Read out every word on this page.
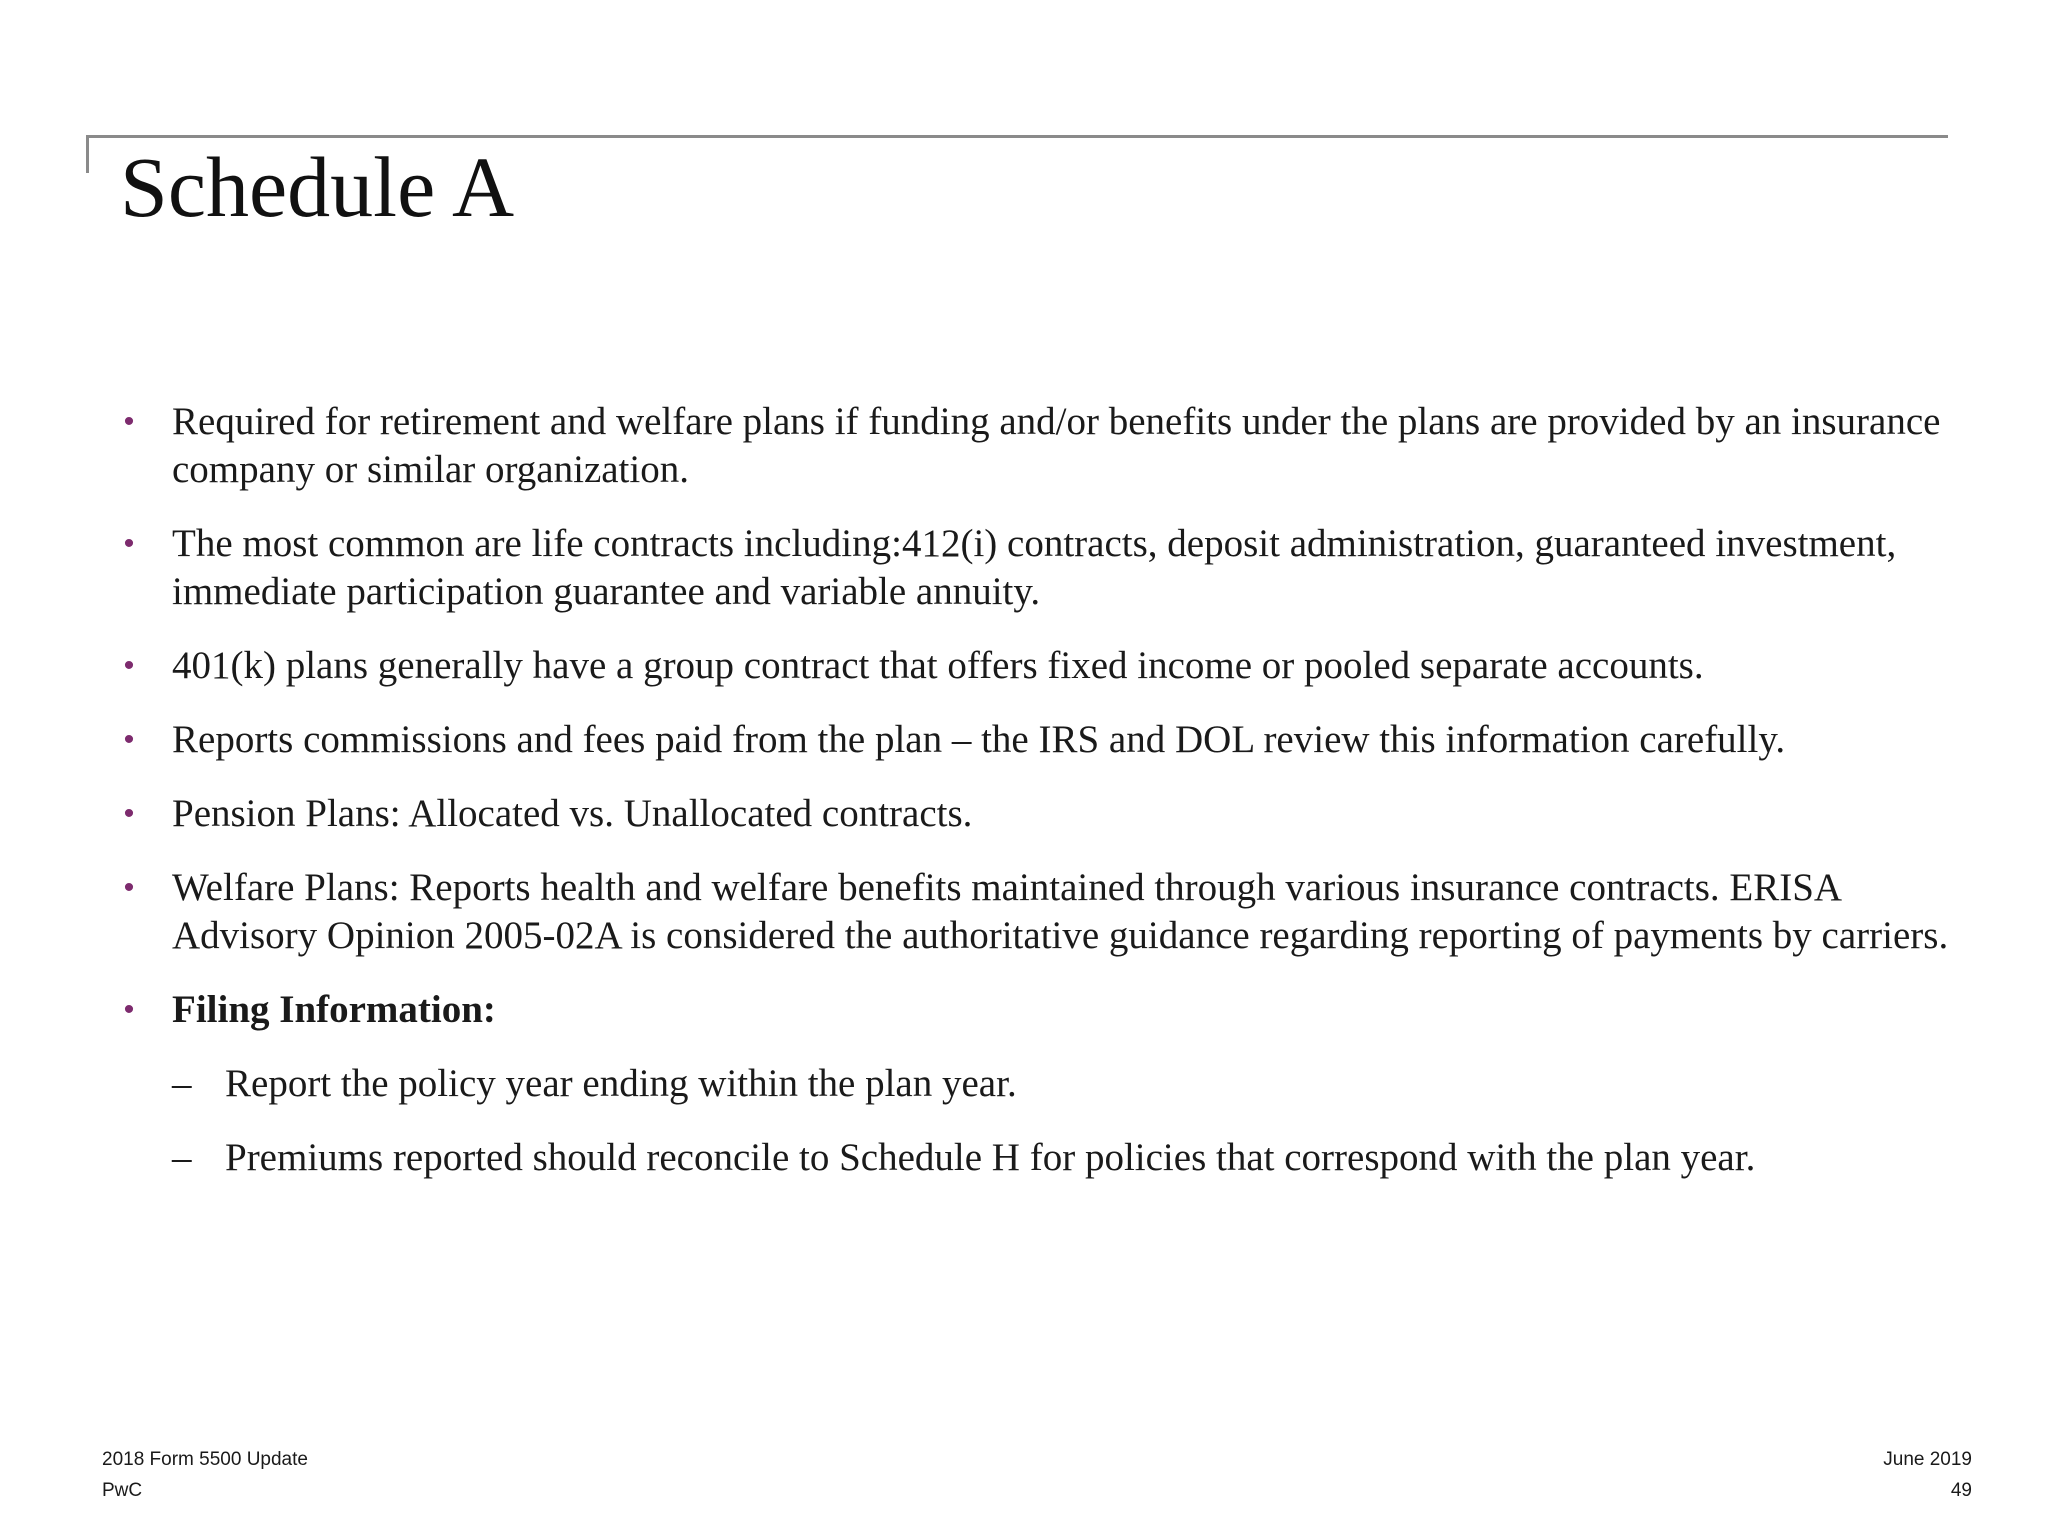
Schedule A
• Required for retirement and welfare plans if funding and/or benefits under the plans are provided by an insurance company or similar organization.
• The most common are life contracts including:412(i) contracts, deposit administration, guaranteed investment, immediate participation guarantee and variable annuity.
• 401(k) plans generally have a group contract that offers fixed income or pooled separate accounts.
• Reports commissions and fees paid from the plan – the IRS and DOL review this information carefully.
• Pension Plans: Allocated vs. Unallocated contracts.
• Welfare Plans: Reports health and welfare benefits maintained through various insurance contracts. ERISA Advisory Opinion 2005-02A is considered the authoritative guidance regarding reporting of payments by carriers.
• Filing Information:
– Report the policy year ending within the plan year.
– Premiums reported should reconcile to Schedule H for policies that correspond with the plan year.
2018 Form 5500 Update
PwC
June 2019
49
